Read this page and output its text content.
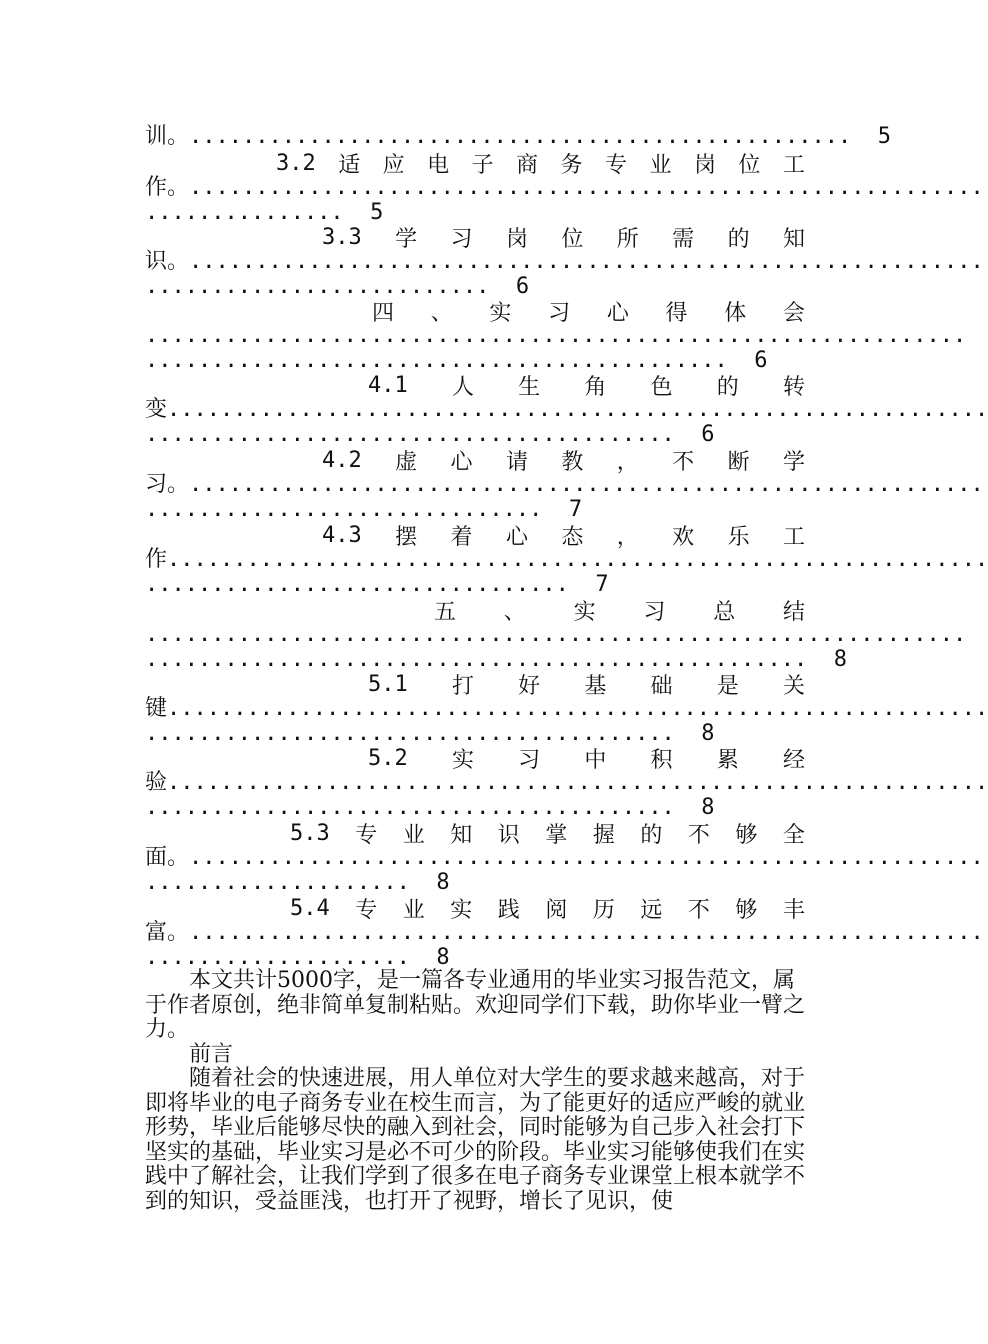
训。..................................................  5
3.2 适 应 电 子 商 务 专 业 岗 位 工
作。............................................................
...............  5
3.3 学 习 岗 位 所 需 的 知
识。............................................................
..........................  6
四 、 实 习 心 得 体 会
..............................................................
............................................  6
4.1 人 生 角 色 的 转
变..............................................................
........................................  6
4.2 虚 心 请 教 ， 不 断 学
习。............................................................
..............................  7
4.3 摆 着 心 态 ， 欢 乐 工
作..............................................................
................................  7
五 、 实 习 总 结
..............................................................
..................................................  8
5.1 打 好 基 础 是 关
键..............................................................
........................................  8
5.2 实 习 中 积 累 经
验..............................................................
........................................  8
5.3 专 业 知 识 掌 握 的 不 够 全
面。............................................................
....................  8
5.4 专 业 实 践 阅 历 远 不 够 丰
富。............................................................
....................  8

本文共计5000字，是一篇各专业通用的毕业实习报告范文，属于作者原创，绝非简单复制粘贴。欢迎同学们下载，助你毕业一臂之力。

前言

随着社会的快速进展，用人单位对大学生的要求越来越高，对于即将毕业的电子商务专业在校生而言，为了能更好的适应严峻的就业形势，毕业后能够尽快的融入到社会，同时能够为自己步入社会打下坚实的基础，毕业实习是必不可少的阶段。毕业实习能够使我们在实践中了解社会，让我们学到了很多在电子商务专业课堂上根本就学不到的知识，受益匪浅，也打开了视野，增长了见识，使
